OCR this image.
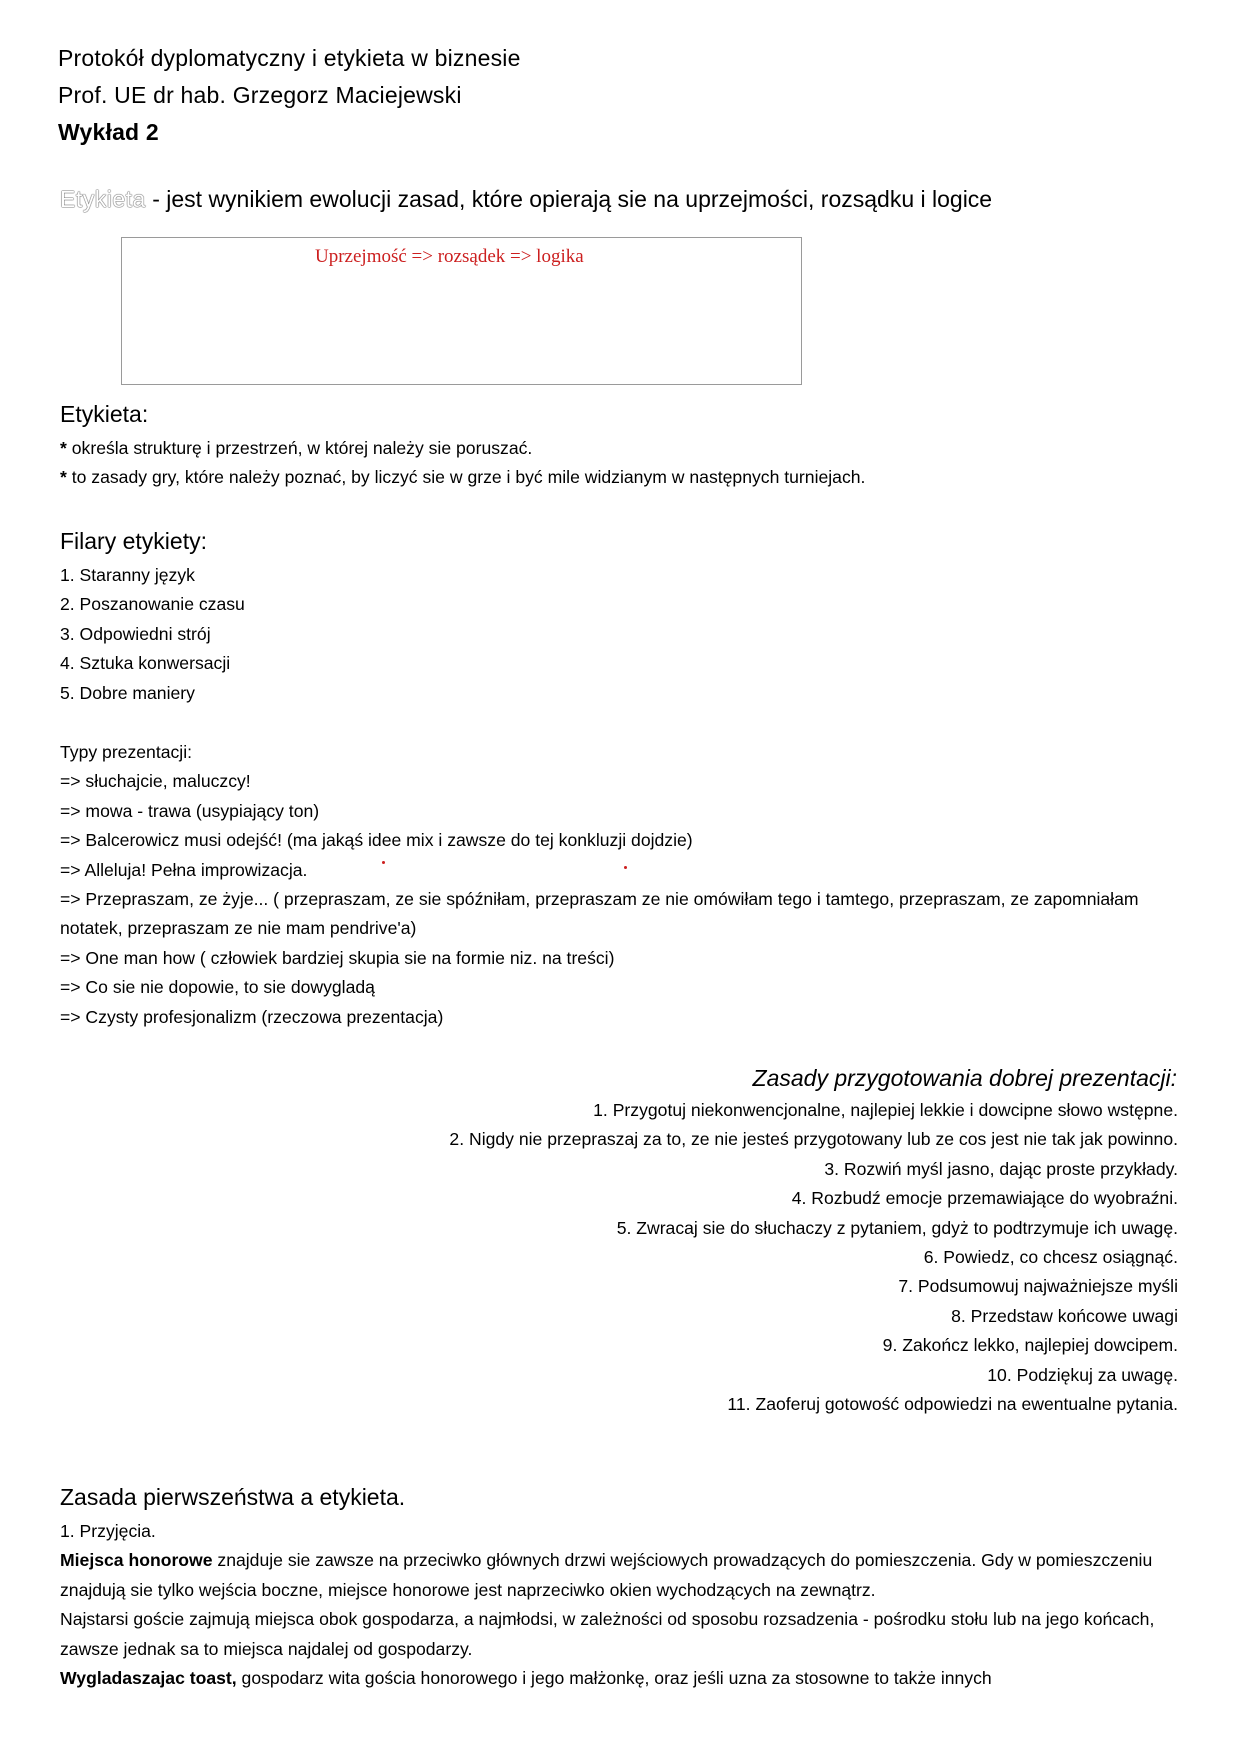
Protokół dyplomatyczny i etykieta w biznesie
Prof. UE dr hab. Grzegorz Maciejewski
Wykład 2
Etykieta - jest wynikiem ewolucji zasad, które opierają sie na uprzejmości, rozsądku i logice
Uprzejmość => rozsądek => logika
Etykieta:

* określa strukturę i przestrzeń, w której należy sie poruszać.

* to zasady gry, które należy poznać, by liczyć sie w grze i być mile widzianym w następnych turniejach.

Filary etykiety:

1. Staranny język

2. Poszanowanie czasu

3. Odpowiedni strój

4. Sztuka konwersacji

5. Dobre maniery

Typy prezentacji:

=> słuchajcie, maluczcy!

=> mowa - trawa (usypiający ton)

=> Balcerowicz musi odejść! (ma jakąś idee mix i zawsze do tej konkluzji dojdzie)

=> Alleluja! Pełna improwizacja.

=> Przepraszam, ze żyje... ( przepraszam, ze sie spóźniłam, przepraszam ze nie omówiłam tego i tamtego, przepraszam, ze zapomniałam notatek, przepraszam ze nie mam pendrive'a)

=> One man how ( człowiek bardziej skupia sie na formie niz. na treści)

=> Co sie nie dopowie, to sie dowygladą

=> Czysty profesjonalizm (rzeczowa prezentacja)

Zasady przygotowania dobrej prezentacji:

1. Przygotuj niekonwencjonalne, najlepiej lekkie i dowcipne słowo wstępne.

2. Nigdy nie przepraszaj za to, ze nie jesteś przygotowany lub ze cos jest nie tak jak powinno.

3. Rozwiń myśl jasno, dając proste przykłady.

4. Rozbudź emocje przemawiające do wyobraźni.

5. Zwracaj sie do słuchaczy z pytaniem, gdyż to podtrzymuje ich uwagę.

6. Powiedz, co chcesz osiągnąć.

7. Podsumowuj najważniejsze myśli

8. Przedstaw końcowe uwagi

9. Zakończ lekko, najlepiej dowcipem.

10. Podziękuj za uwagę.

11. Zaoferuj gotowość odpowiedzi na ewentualne pytania.

Zasada pierwszeństwa a etykieta.

1. Przyjęcia.

Miejsca honorowe znajduje sie zawsze na przeciwko głównych drzwi wejściowych prowadzących do pomieszczenia. Gdy w pomieszczeniu znajdują sie tylko wejścia boczne, miejsce honorowe jest naprzeciwko okien wychodzących na zewnątrz.

Najstarsi goście zajmują miejsca obok gospodarza, a najmłodsi, w zależności od sposobu rozsadzenia - pośrodku stołu lub na jego końcach, zawsze jednak sa to miejsca najdalej od gospodarzy.

Wygladaszajac toast, gospodarz wita gościa honorowego i jego małżonkę, oraz jeśli uzna za stosowne to także innych
